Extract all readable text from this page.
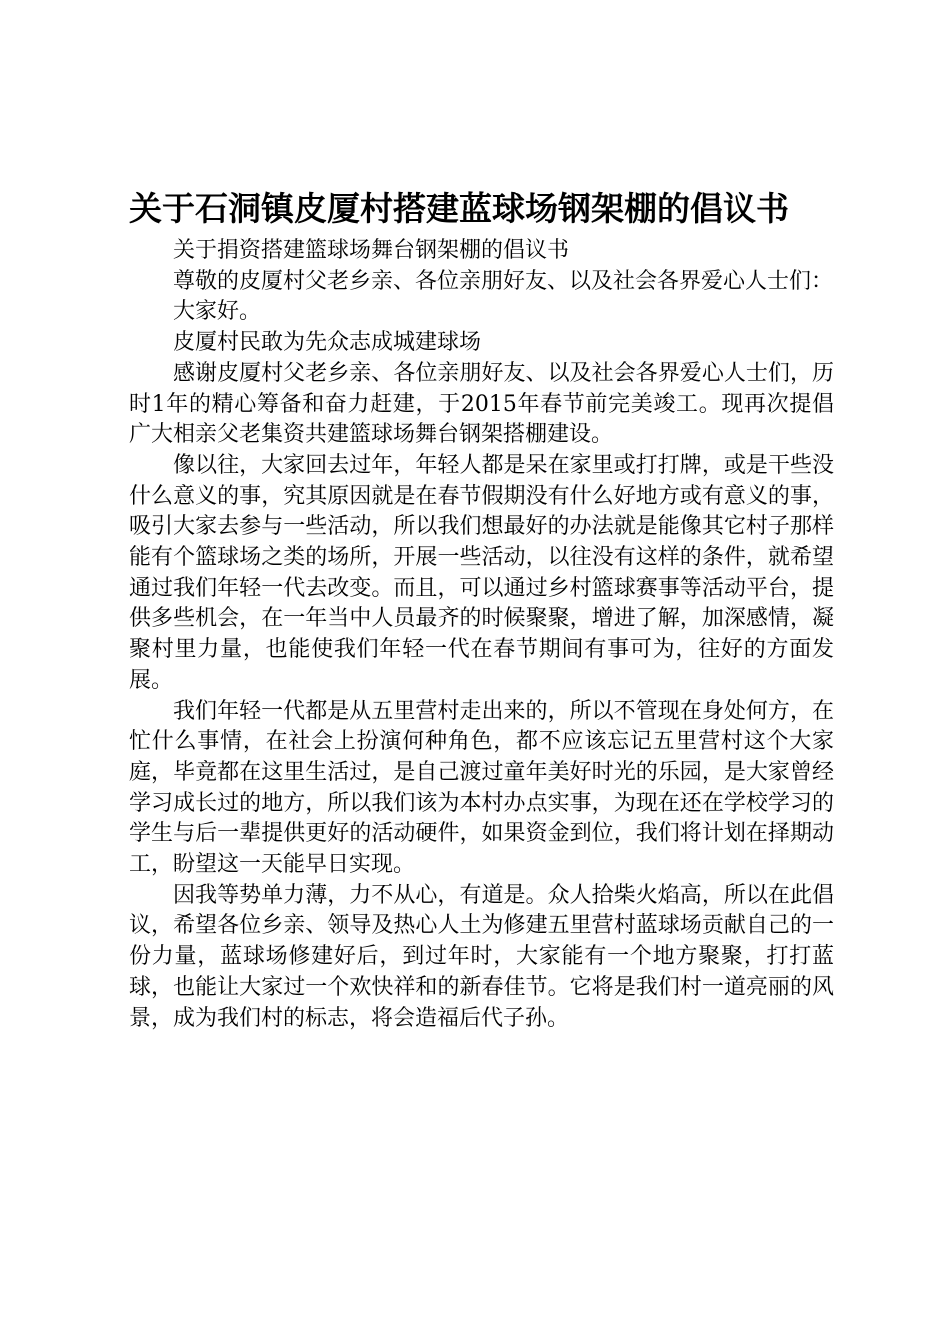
关于石洞镇皮厦村搭建蓝球场钢架棚的倡议书

关于捐资搭建篮球场舞台钢架棚的倡议书

尊敬的皮厦村父老乡亲、各位亲朋好友、以及社会各界爱心人士们：

大家好。

皮厦村民敢为先众志成城建球场

感谢皮厦村父老乡亲、各位亲朋好友、以及社会各界爱心人士们，历时1年的精心筹备和奋力赶建，于2015年春节前完美竣工。现再次提倡广大相亲父老集资共建篮球场舞台钢架搭棚建设。

像以往，大家回去过年，年轻人都是呆在家里或打打牌，或是干些没什么意义的事，究其原因就是在春节假期没有什么好地方或有意义的事，吸引大家去参与一些活动，所以我们想最好的办法就是能像其它村子那样能有个篮球场之类的场所，开展一些活动，以往没有这样的条件，就希望通过我们年轻一代去改变。而且，可以通过乡村篮球赛事等活动平台，提供多些机会，在一年当中人员最齐的时候聚聚，增进了解，加深感情，凝聚村里力量，也能使我们年轻一代在春节期间有事可为，往好的方面发展。

我们年轻一代都是从五里营村走出来的，所以不管现在身处何方，在忙什么事情，在社会上扮演何种角色，都不应该忘记五里营村这个大家庭，毕竟都在这里生活过，是自己渡过童年美好时光的乐园，是大家曾经学习成长过的地方，所以我们该为本村办点实事，为现在还在学校学习的学生与后一辈提供更好的活动硬件，如果资金到位，我们将计划在择期动工，盼望这一天能早日实现。

因我等势单力薄，力不从心，有道是。众人拾柴火焰高，所以在此倡议，希望各位乡亲、领导及热心人土为修建五里营村蓝球场贡献自己的一份力量，蓝球场修建好后，到过年时，大家能有一个地方聚聚，打打蓝球，也能让大家过一个欢快祥和的新春佳节。它将是我们村一道亮丽的风景，成为我们村的标志，将会造福后代子孙。
